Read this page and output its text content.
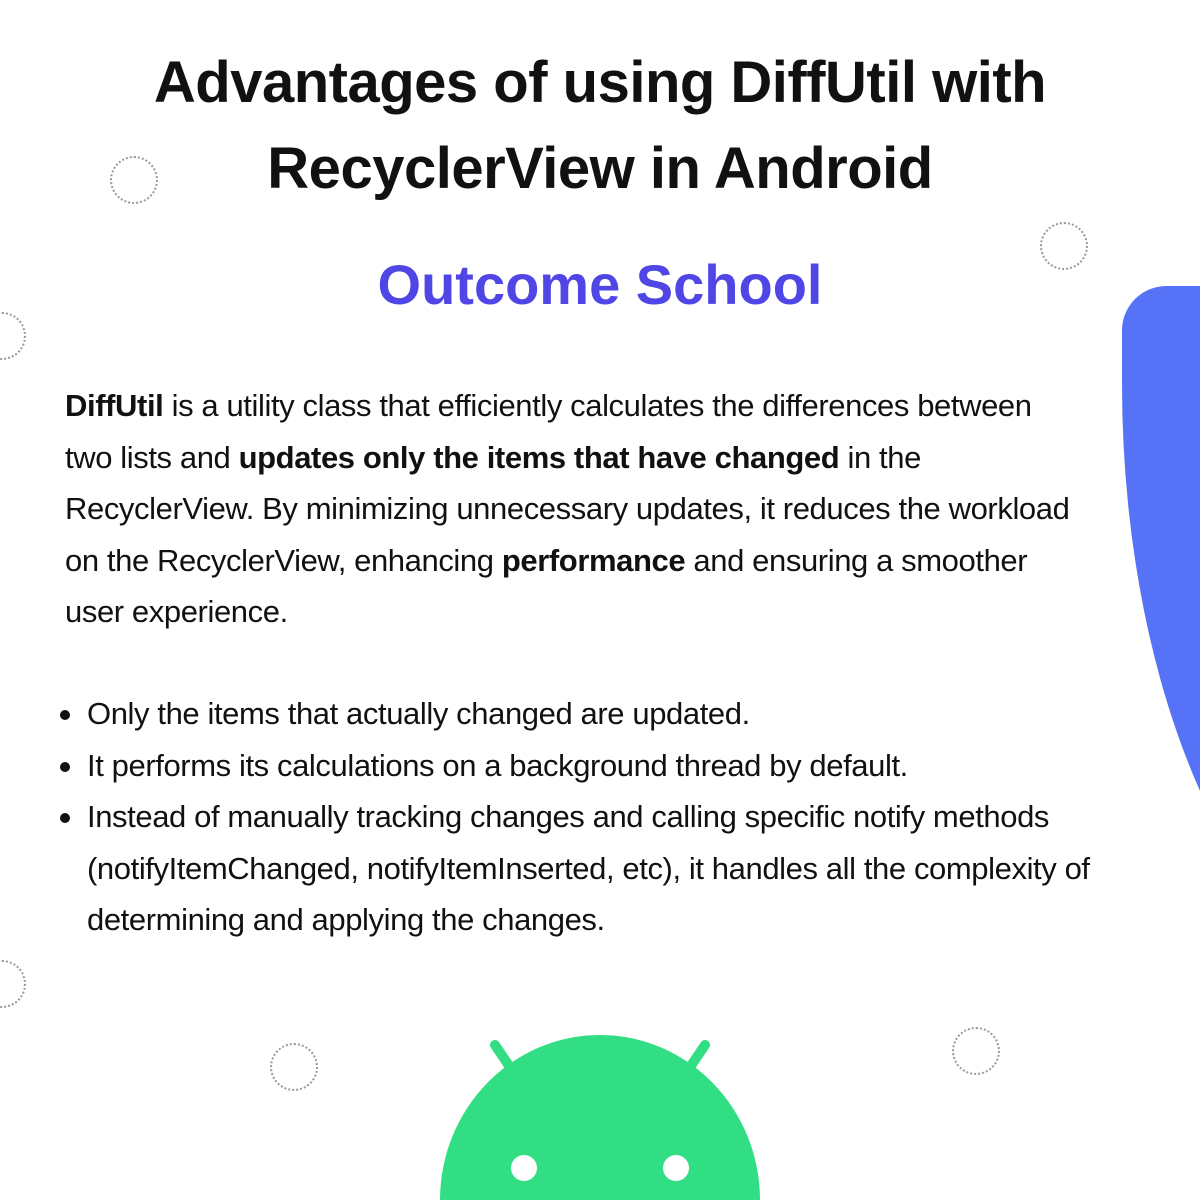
Advantages of using DiffUtil with
RecyclerView in Android
Outcome School

DiffUtil is a utility class that efficiently calculates the differences between two lists and updates only the items that have changed in the RecyclerView. By minimizing unnecessary updates, it reduces the workload on the RecyclerView, enhancing performance and ensuring a smoother user experience.

Only the items that actually changed are updated.
It performs its calculations on a background thread by default.
Instead of manually tracking changes and calling specific notify methods (notifyItemChanged, notifyItemInserted, etc), it handles all the complexity of determining and applying the changes.
